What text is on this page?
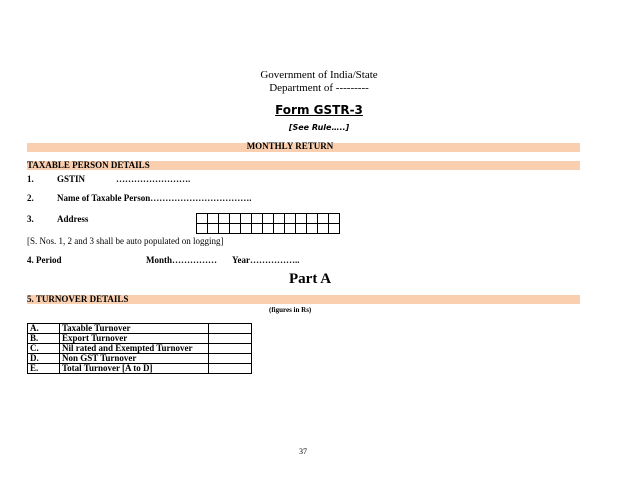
Government of India/State
Department of ---------
Form GSTR-3
[See Rule…..]
MONTHLY RETURN
TAXABLE PERSON DETAILS
1.	GSTIN	…………………….
2.	Name of Taxable Person…………………………….
3.	Address

[S. Nos. 1, 2 and 3 shall be auto populated on logging]
4. Period	Month…………… Year……………..
Part A
5. TURNOVER DETAILS
(figures in Rs)
A.	Taxable Turnover	
B.	Export Turnover	
C.	Nil rated and Exempted Turnover	
D.	Non GST Turnover	
E.	Total Turnover [A to D]	
37
